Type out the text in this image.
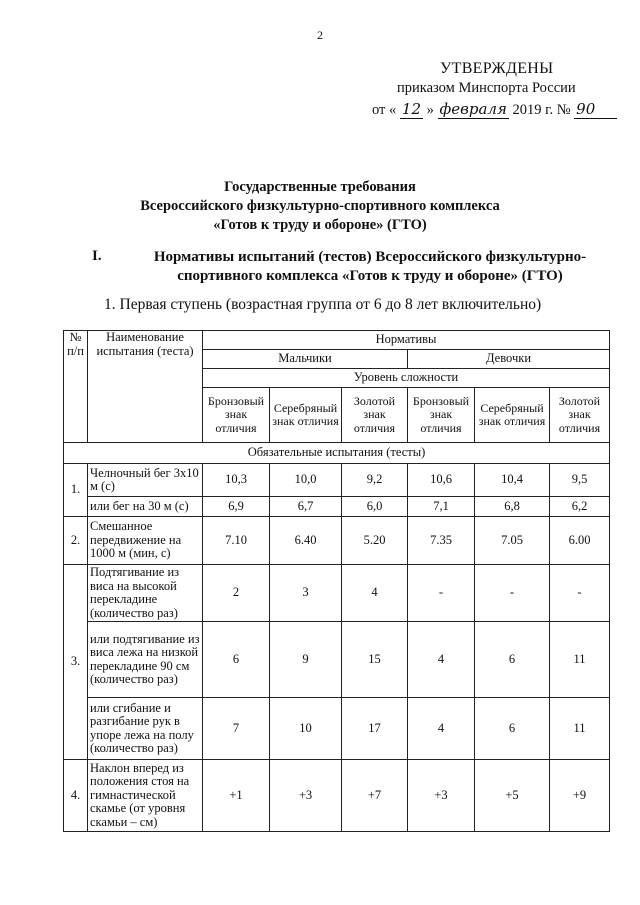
2
УТВЕРЖДЕНЫ
приказом Минспорта России
от « 12 » февраля 2019 г. № 90
Государственные требования
Всероссийского физкультурно-спортивного комплекса
«Готов к труду и обороне» (ГТО)
I.	Нормативы испытаний (тестов) Всероссийского физкультурно-
спортивного комплекса «Готов к труду и обороне» (ГТО)
1. Первая ступень (возрастная группа от 6 до 8 лет включительно)
№ п/п	Наименование испытания (теста)	Нормативы					
		Мальчики			Девочки		
		Уровень сложности					
		Бронзовый знак отличия	Серебряный знак отличия	Золотой знак отличия	Бронзовый знак отличия	Серебряный знак отличия	Золотой знак отличия
Обязательные испытания (тесты)							
1.	Челночный бег 3х10 м (с)	10,3	10,0	9,2	10,6	10,4	9,5
	или бег на 30 м (с)	6,9	6,7	6,0	7,1	6,8	6,2
2.	Смешанное передвижение на 1000 м (мин, с)	7.10	6.40	5.20	7.35	7.05	6.00
3.	Подтягивание из виса на высокой перекладине (количество раз)	2	3	4	-	-	-
	или подтягивание из виса лежа на низкой перекладине 90 см (количество раз)	6	9	15	4	6	11
	или сгибание и разгибание рук в упоре лежа на полу (количество раз)	7	10	17	4	6	11
4.	Наклон вперед из положения стоя на гимнастической скамье (от уровня скамьи – см)	+1	+3	+7	+3	+5	+9
